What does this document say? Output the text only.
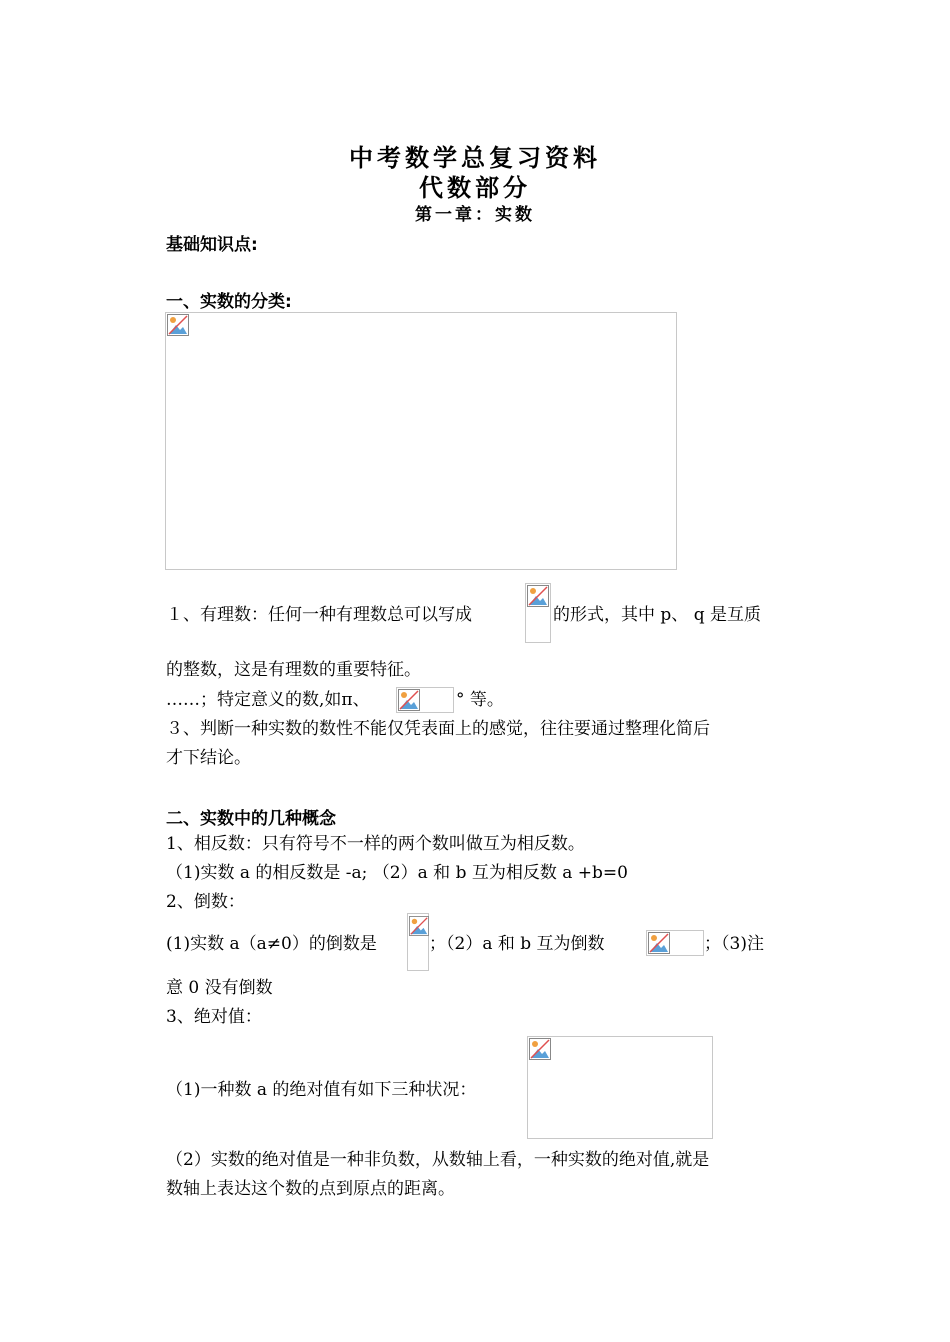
中考数学总复习资料
代数部分
第一章：实数
基础知识点:
一、实数的分类:
１、有理数：任何一种有理数总可以写成	的形式，其中 p、 q 是互质
的整数，这是有理数的重要特征。
……；特定意义的数,如π、	° 等。
３、判断一种实数的数性不能仅凭表面上的感觉，往往要通过整理化简后
才下结论。
二、实数中的几种概念
1、相反数：只有符号不一样的两个数叫做互为相反数。
（1)实数 a 的相反数是 -a; （2）a 和 b 互为相反数 a +b=0
2、倒数：
(1)实数 a（a≠0）的倒数是	；（2）a 和 b 互为倒数	；（3)注
意 0 没有倒数
3、绝对值：
（1)一种数 a 的绝对值有如下三种状况：
（2）实数的绝对值是一种非负数，从数轴上看，一种实数的绝对值,就是
数轴上表达这个数的点到原点的距离。
